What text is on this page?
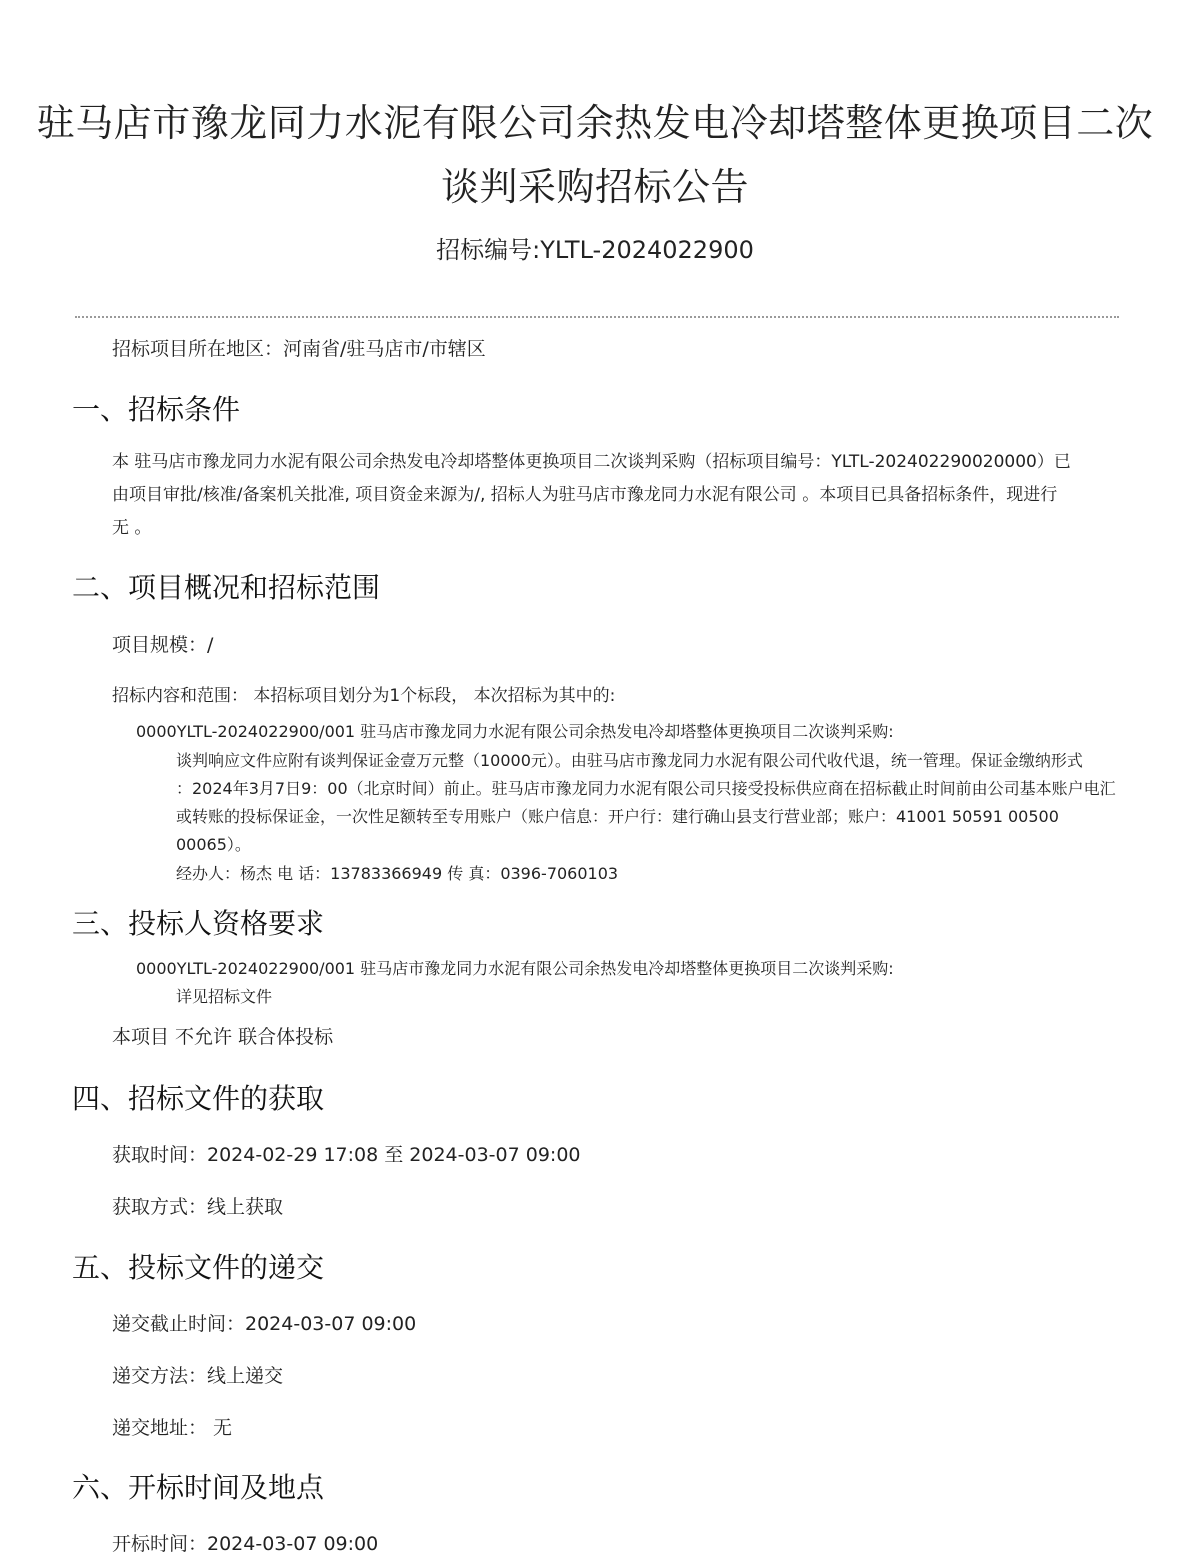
驻马店市豫龙同力水泥有限公司余热发电冷却塔整体更换项目二次
谈判采购招标公告
招标编号:YLTL-2024022900
招标项目所在地区：河南省/驻马店市/市辖区
一、招标条件
本 驻马店市豫龙同力水泥有限公司余热发电冷却塔整体更换项目二次谈判采购（招标项目编号：YLTL-202402290020000）已
由项目审批/核准/备案机关批准, 项目资金来源为/, 招标人为驻马店市豫龙同力水泥有限公司 。本项目已具备招标条件，现进行
无 。
二、项目概况和招标范围
项目规模：/
招标内容和范围： 本招标项目划分为1个标段， 本次招标为其中的:
0000YLTL-2024022900/001 驻马店市豫龙同力水泥有限公司余热发电冷却塔整体更换项目二次谈判采购:
谈判响应文件应附有谈判保证金壹万元整（10000元）。由驻马店市豫龙同力水泥有限公司代收代退，统一管理。保证金缴纳形式
：2024年3月7日9：00（北京时间）前止。驻马店市豫龙同力水泥有限公司只接受投标供应商在招标截止时间前由公司基本账户电汇
或转账的投标保证金，一次性足额转至专用账户（账户信息：开户行：建行确山县支行营业部；账户：41001 50591 00500
00065）。
经办人：杨杰 电 话：13783366949 传 真：0396-7060103
三、投标人资格要求
0000YLTL-2024022900/001 驻马店市豫龙同力水泥有限公司余热发电冷却塔整体更换项目二次谈判采购:
详见招标文件
本项目 不允许 联合体投标
四、招标文件的获取
获取时间：2024-02-29 17:08 至 2024-03-07 09:00
获取方式：线上获取
五、投标文件的递交
递交截止时间：2024-03-07 09:00
递交方法：线上递交
递交地址： 无
六、开标时间及地点
开标时间：2024-03-07 09:00
